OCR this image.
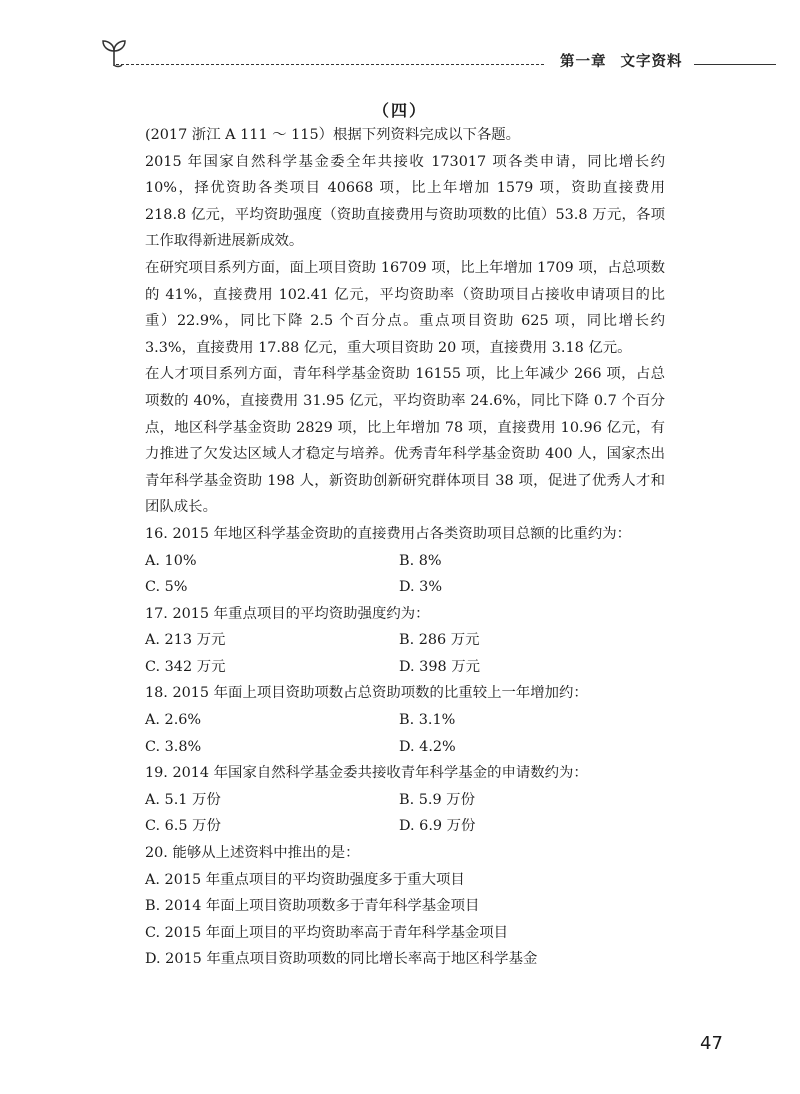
第一章 文字资料
（四）

(2017 浙江 A 111 ～ 115）根据下列资料完成以下各题。

2015 年国家自然科学基金委全年共接收 173017 项各类申请，同比增长约 10%，择优资助各类项目 40668 项，比上年增加 1579 项，资助直接费用 218.8 亿元，平均资助强度（资助直接费用与资助项数的比值）53.8 万元，各项工作取得新进展新成效。

在研究项目系列方面，面上项目资助 16709 项，比上年增加 1709 项，占总项数的 41%，直接费用 102.41 亿元，平均资助率（资助项目占接收申请项目的比重）22.9%，同比下降 2.5 个百分点。重点项目资助 625 项，同比增长约 3.3%，直接费用 17.88 亿元，重大项目资助 20 项，直接费用 3.18 亿元。

在人才项目系列方面，青年科学基金资助 16155 项，比上年减少 266 项，占总项数的 40%，直接费用 31.95 亿元，平均资助率 24.6%，同比下降 0.7 个百分点，地区科学基金资助 2829 项，比上年增加 78 项，直接费用 10.96 亿元，有力推进了欠发达区域人才稳定与培养。优秀青年科学基金资助 400 人，国家杰出青年科学基金资助 198 人，新资助创新研究群体项目 38 项，促进了优秀人才和团队成长。

16. 2015 年地区科学基金资助的直接费用占各类资助项目总额的比重约为：

A. 10%	B. 8%
C. 5%	D. 3%

17. 2015 年重点项目的平均资助强度约为：

A. 213 万元	B. 286 万元
C. 342 万元	D. 398 万元

18. 2015 年面上项目资助项数占总资助项数的比重较上一年增加约：

A. 2.6%	B. 3.1%
C. 3.8%	D. 4.2%

19. 2014 年国家自然科学基金委共接收青年科学基金的申请数约为：

A. 5.1 万份	B. 5.9 万份
C. 6.5 万份	D. 6.9 万份

20. 能够从上述资料中推出的是：

A. 2015 年重点项目的平均资助强度多于重大项目
B. 2014 年面上项目资助项数多于青年科学基金项目
C. 2015 年面上项目的平均资助率高于青年科学基金项目
D. 2015 年重点项目资助项数的同比增长率高于地区科学基金
47
